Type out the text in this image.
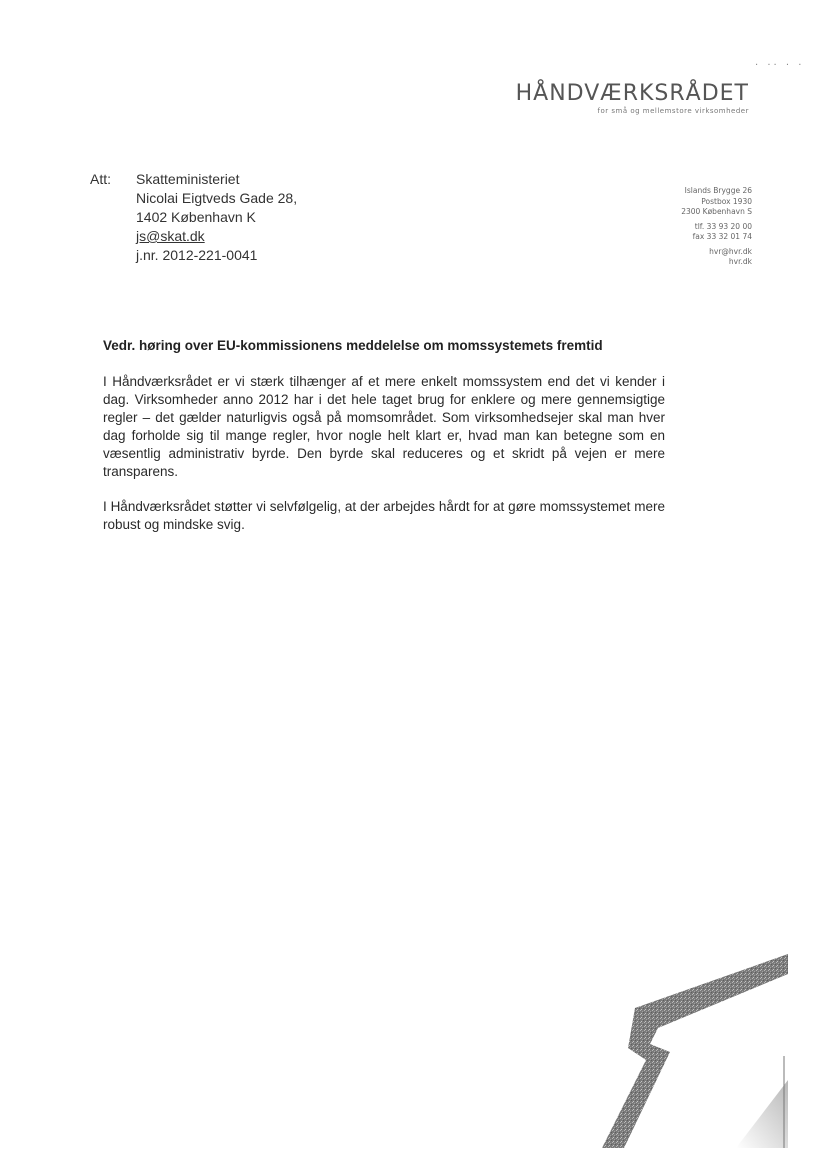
· ·· · ·
HÅNDVÆRKSRÅDET
for små og mellemstore virksomheder
Att:	Skatteministeriet
Nicolai Eigtveds Gade 28,
1402 København K
js@skat.dk
j.nr. 2012-221-0041
Islands Brygge 26
Postbox 1930
2300 København S
tlf. 33 93 20 00
fax 33 32 01 74
hvr@hvr.dk
hvr.dk
Vedr. høring over EU-kommissionens meddelelse om momssystemets fremtid

I Håndværksrådet er vi stærk tilhænger af et mere enkelt momssystem end det vi kender i dag. Virksomheder anno 2012 har i det hele taget brug for enklere og mere gennemsigtige regler – det gælder naturligvis også på momsområdet. Som virksomhedsejer skal man hver dag forholde sig til mange regler, hvor nogle helt klart er, hvad man kan betegne som en væsentlig administrativ byrde. Den byrde skal reduceres og et skridt på vejen er mere transparens.

I Håndværksrådet støtter vi selvfølgelig, at der arbejdes hårdt for at gøre momssystemet mere robust og mindske svig.
